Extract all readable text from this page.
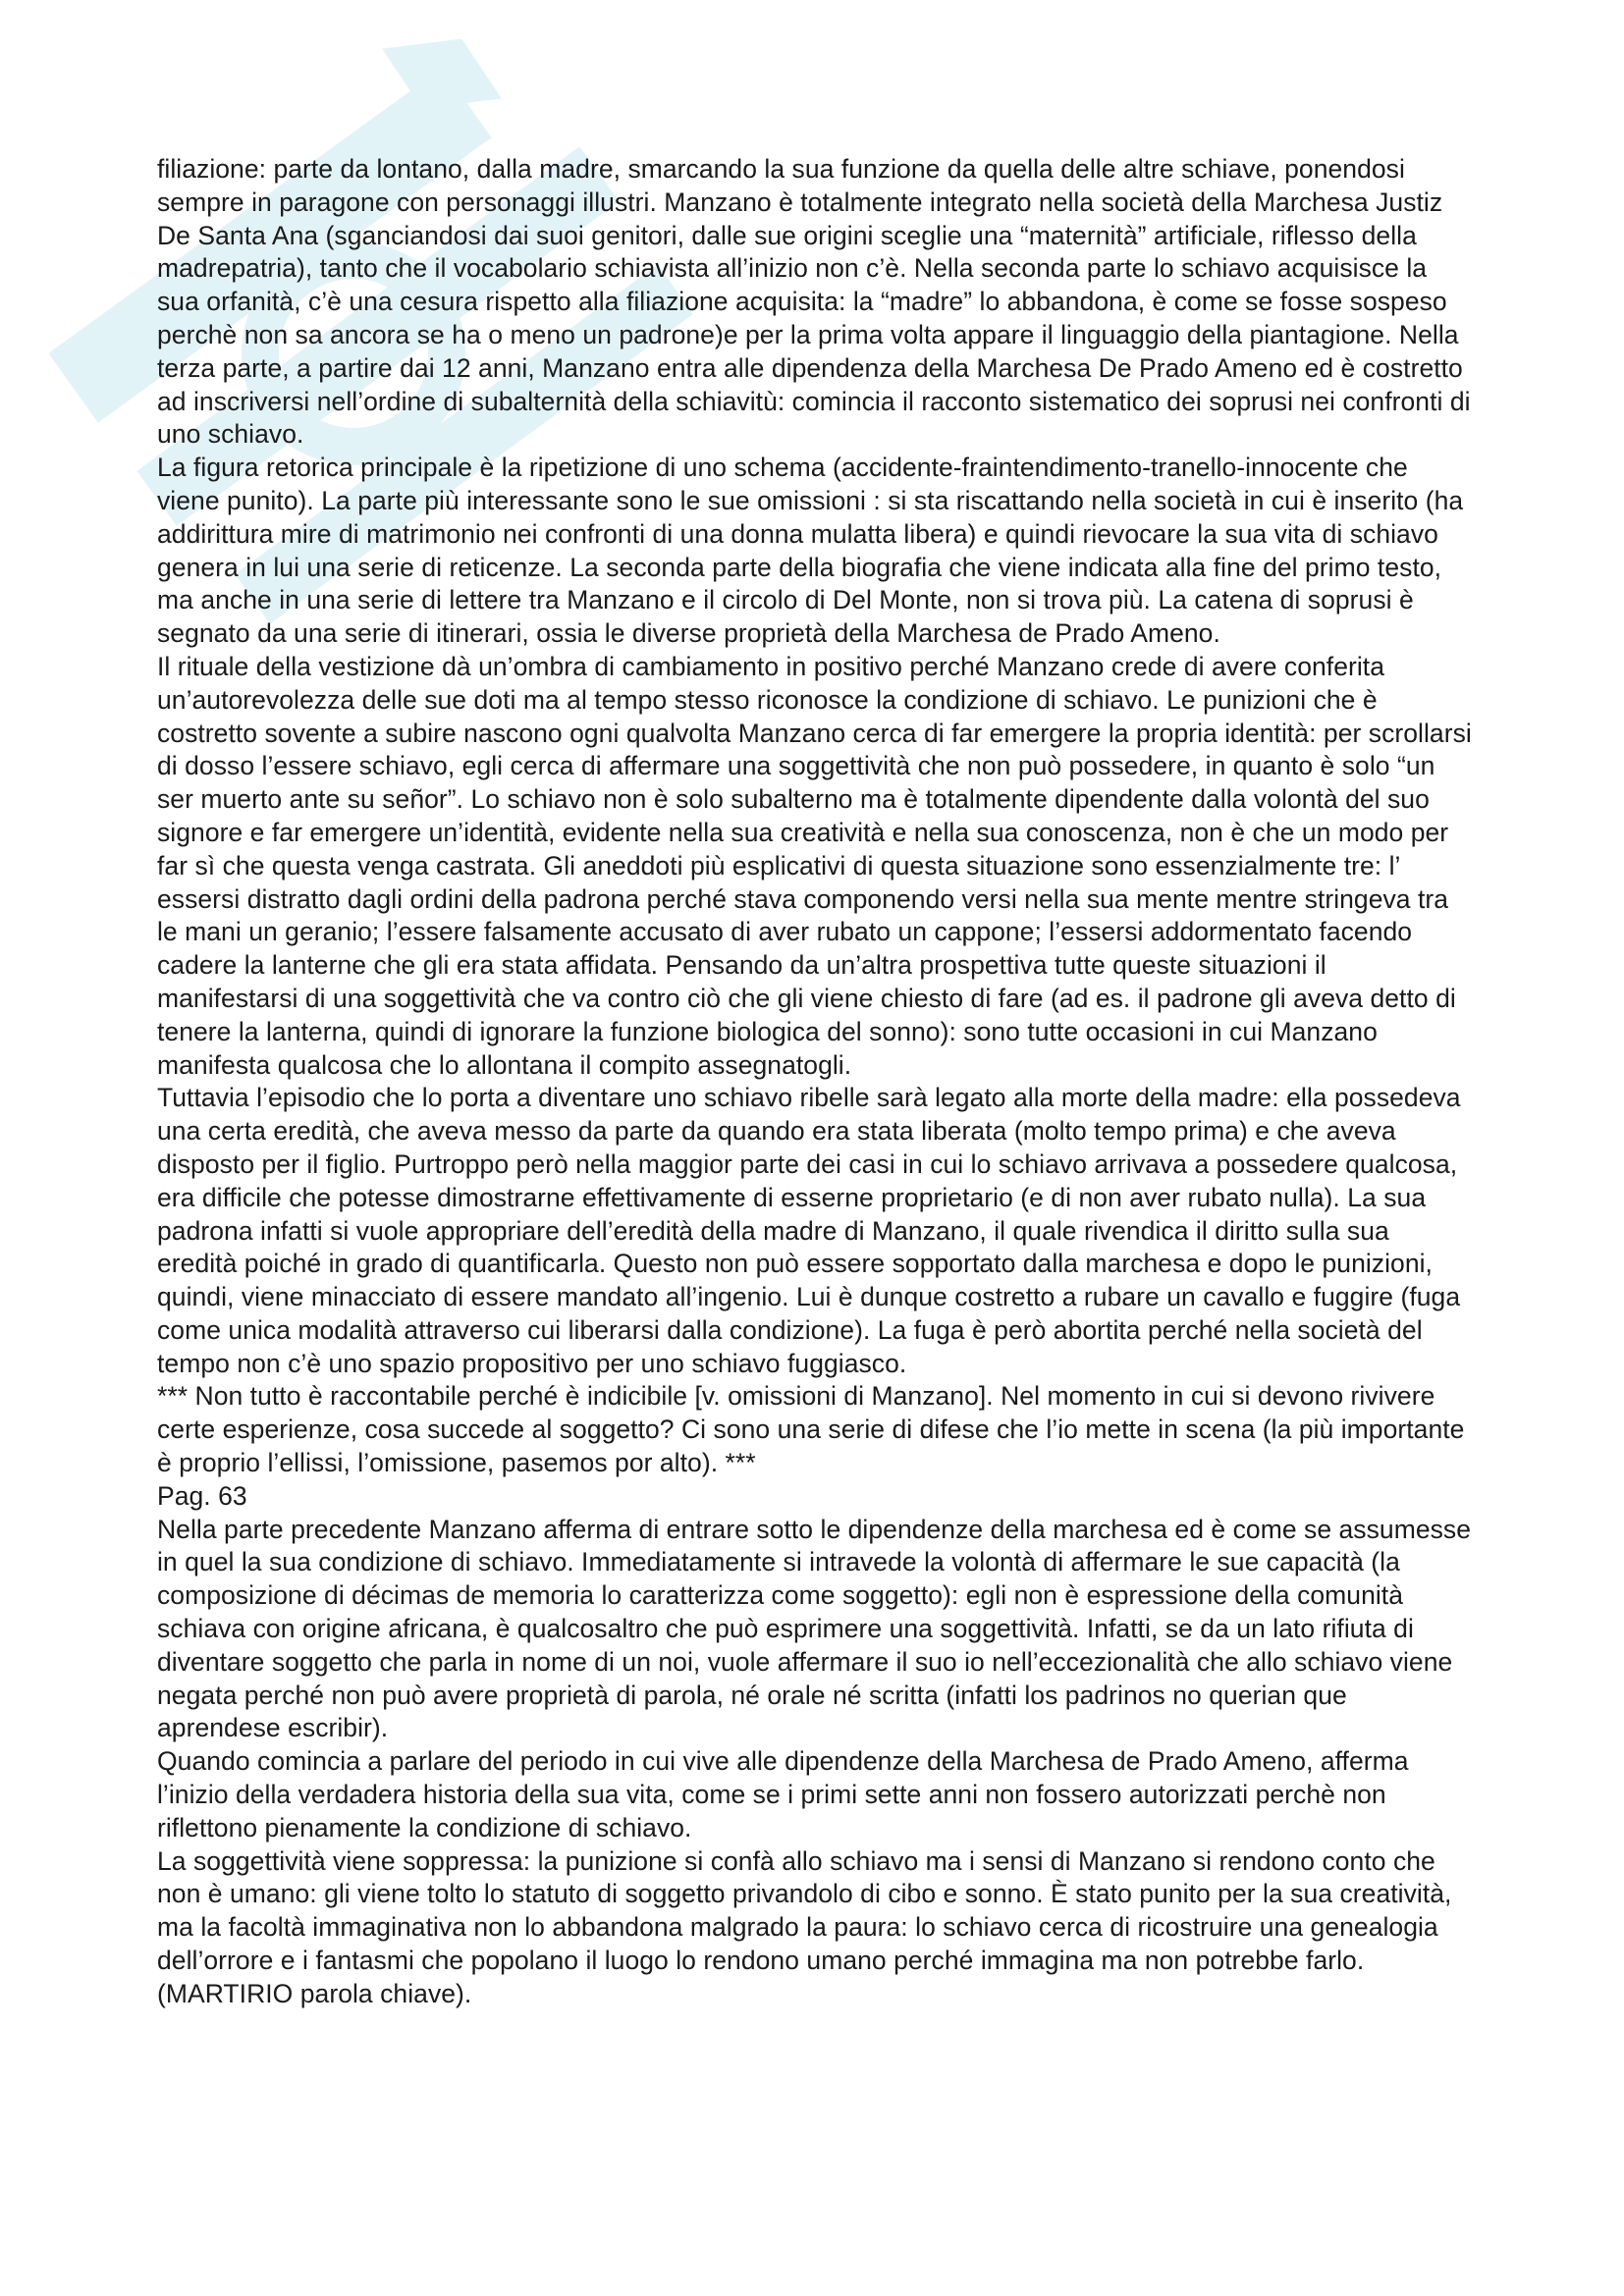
filiazione: parte da lontano, dalla madre, smarcando la sua funzione da quella delle altre schiave, ponendosi sempre in paragone con personaggi illustri. Manzano è totalmente integrato nella società della Marchesa Justiz De Santa Ana (sganciandosi dai suoi genitori, dalle sue origini sceglie una “maternità” artificiale, riflesso della madrepatria), tanto che il vocabolario schiavista all’inizio non c’è. Nella seconda parte lo schiavo acquisisce la sua orfanità, c’è una cesura rispetto alla filiazione acquisita: la “madre” lo abbandona, è come se fosse sospeso perchè non sa ancora se ha o meno un padrone)e per la prima volta appare il linguaggio della piantagione. Nella terza parte, a partire dai 12 anni, Manzano entra alle dipendenza della Marchesa De Prado Ameno ed è costretto ad inscriversi nell’ordine di subalternità della schiavitù: comincia il racconto sistematico dei soprusi nei confronti di uno schiavo.

La figura retorica principale è la ripetizione di uno schema (accidente-fraintendimento-tranello-innocente che viene punito). La parte più interessante sono le sue omissioni : si sta riscattando nella società in cui è inserito (ha addirittura mire di matrimonio nei confronti di una donna mulatta libera) e quindi rievocare la sua vita di schiavo genera in lui una serie di reticenze. La seconda parte della biografia che viene indicata alla fine del primo testo, ma anche in una serie di lettere tra Manzano e il circolo di Del Monte, non si trova più. La catena di soprusi è segnato da una serie di itinerari, ossia le diverse proprietà della Marchesa de Prado Ameno.

Il rituale della vestizione dà un’ombra di cambiamento in positivo perché Manzano crede di avere conferita un’autorevolezza delle sue doti ma al tempo stesso riconosce la condizione di schiavo. Le punizioni che è costretto sovente a subire nascono ogni qualvolta Manzano cerca di far emergere la propria identità: per scrollarsi di dosso l’essere schiavo, egli cerca di affermare una soggettività che non può possedere, in quanto è solo “un ser muerto ante su señor”. Lo schiavo non è solo subalterno ma è totalmente dipendente dalla volontà del suo signore e far emergere un’identità, evidente nella sua creatività e nella sua conoscenza, non è che un modo per far sì che questa venga castrata. Gli aneddoti più esplicativi di questa situazione sono essenzialmente tre: l’ essersi distratto dagli ordini della padrona perché stava componendo versi nella sua mente mentre stringeva tra le mani un geranio; l’essere falsamente accusato di aver rubato un cappone; l’essersi addormentato facendo cadere la lanterne che gli era stata affidata. Pensando da un’altra prospettiva tutte queste situazioni il manifestarsi di una soggettività che va contro ciò che gli viene chiesto di fare (ad es. il padrone gli aveva detto di tenere la lanterna, quindi di ignorare la funzione biologica del sonno): sono tutte occasioni in cui Manzano manifesta qualcosa che lo allontana il compito assegnatogli.

Tuttavia l’episodio che lo porta a diventare uno schiavo ribelle sarà legato alla morte della madre: ella possedeva una certa eredità, che aveva messo da parte da quando era stata liberata (molto tempo prima) e che aveva disposto per il figlio. Purtroppo però nella maggior parte dei casi in cui lo schiavo arrivava a possedere qualcosa, era difficile che potesse dimostrarne effettivamente di esserne proprietario (e di non aver rubato nulla). La sua padrona infatti si vuole appropriare dell’eredità della madre di Manzano, il quale rivendica il diritto sulla sua eredità poiché in grado di quantificarla. Questo non può essere sopportato dalla marchesa e dopo le punizioni, quindi, viene minacciato di essere mandato all’ingenio. Lui è dunque costretto a rubare un cavallo e fuggire (fuga come unica modalità attraverso cui liberarsi dalla condizione). La fuga è però abortita perché nella società del tempo non c’è uno spazio propositivo per uno schiavo fuggiasco.

*** Non tutto è raccontabile perché è indicibile [v. omissioni di Manzano]. Nel momento in cui si devono rivivere certe esperienze, cosa succede al soggetto? Ci sono una serie di difese che l’io mette in scena (la più importante è proprio l’ellissi, l’omissione, pasemos por alto). ***

Pag. 63

Nella parte precedente Manzano afferma di entrare sotto le dipendenze della marchesa ed è come se assumesse in quel la sua condizione di schiavo. Immediatamente si intravede la volontà di affermare le sue capacità (la composizione di décimas de memoria lo caratterizza come soggetto): egli non è espressione della comunità schiava con origine africana, è qualcosaltro che può esprimere una soggettività. Infatti, se da un lato rifiuta di diventare soggetto che parla in nome di un noi, vuole affermare il suo io nell’eccezionalità che allo schiavo viene negata perché non può avere proprietà di parola, né orale né scritta (infatti los padrinos no querian que aprendese escribir).

Quando comincia a parlare del periodo in cui vive alle dipendenze della Marchesa de Prado Ameno, afferma l’inizio della verdadera historia della sua vita, come se i primi sette anni non fossero autorizzati perchè non riflettono pienamente la condizione di schiavo.

La soggettività viene soppressa: la punizione si confà allo schiavo ma i sensi di Manzano si rendono conto che non è umano: gli viene tolto lo statuto di soggetto privandolo di cibo e sonno. È stato punito per la sua creatività, ma la facoltà immaginativa non lo abbandona malgrado la paura: lo schiavo cerca di ricostruire una genealogia dell’orrore e i fantasmi che popolano il luogo lo rendono umano perché immagina ma non potrebbe farlo. (MARTIRIO parola chiave).
